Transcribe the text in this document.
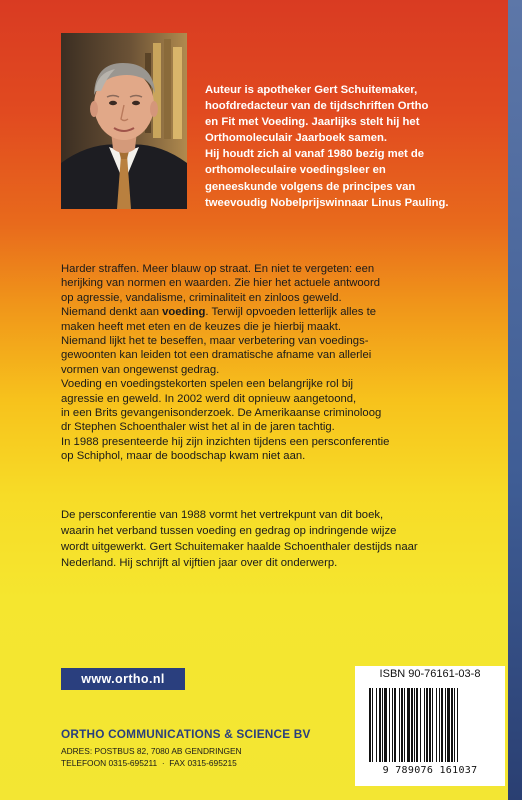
Auteur is apotheker Gert Schuitemaker,
hoofdredacteur van de tijdschriften Ortho
en Fit met Voeding. Jaarlijks stelt hij het
Orthomoleculair Jaarboek samen.

Hij houdt zich al vanaf 1980 bezig met de
orthomoleculaire voedingsleer en
geneeskunde volgens de principes van
tweevoudig Nobelprijswinnaar Linus Pauling.

Harder straffen. Meer blauw op straat. En niet te vergeten: een
herijking van normen en waarden. Zie hier het actuele antwoord
op agressie, vandalisme, criminaliteit en zinloos geweld.
Niemand denkt aan voeding. Terwijl opvoeden letterlijk alles te
maken heeft met eten en de keuzes die je hierbij maakt.
Niemand lijkt het te beseffen, maar verbetering van voedings-
gewoonten kan leiden tot een dramatische afname van allerlei
vormen van ongewenst gedrag.
Voeding en voedingstekorten spelen een belangrijke rol bij
agressie en geweld. In 2002 werd dit opnieuw aangetoond,
in een Brits gevangenisonderzoek. De Amerikaanse criminoloog
dr Stephen Schoenthaler wist het al in de jaren tachtig.
In 1988 presenteerde hij zijn inzichten tijdens een persconferentie
op Schiphol, maar de boodschap kwam niet aan.
De persconferentie van 1988 vormt het vertrekpunt van dit boek,
waarin het verband tussen voeding en gedrag op indringende wijze
wordt uitgewerkt. Gert Schuitemaker haalde Schoenthaler destijds naar
Nederland. Hij schrijft al vijftien jaar over dit onderwerp.
www.ortho.nl	ISBN 90-76161-03-8
9 789076 161037
ORTHO COMMUNICATIONS & SCIENCE BV
ADRES: POSTBUS 82, 7080 AB GENDRINGEN
TELEFOON 0315-695211  ·  FAX 0315-695215
